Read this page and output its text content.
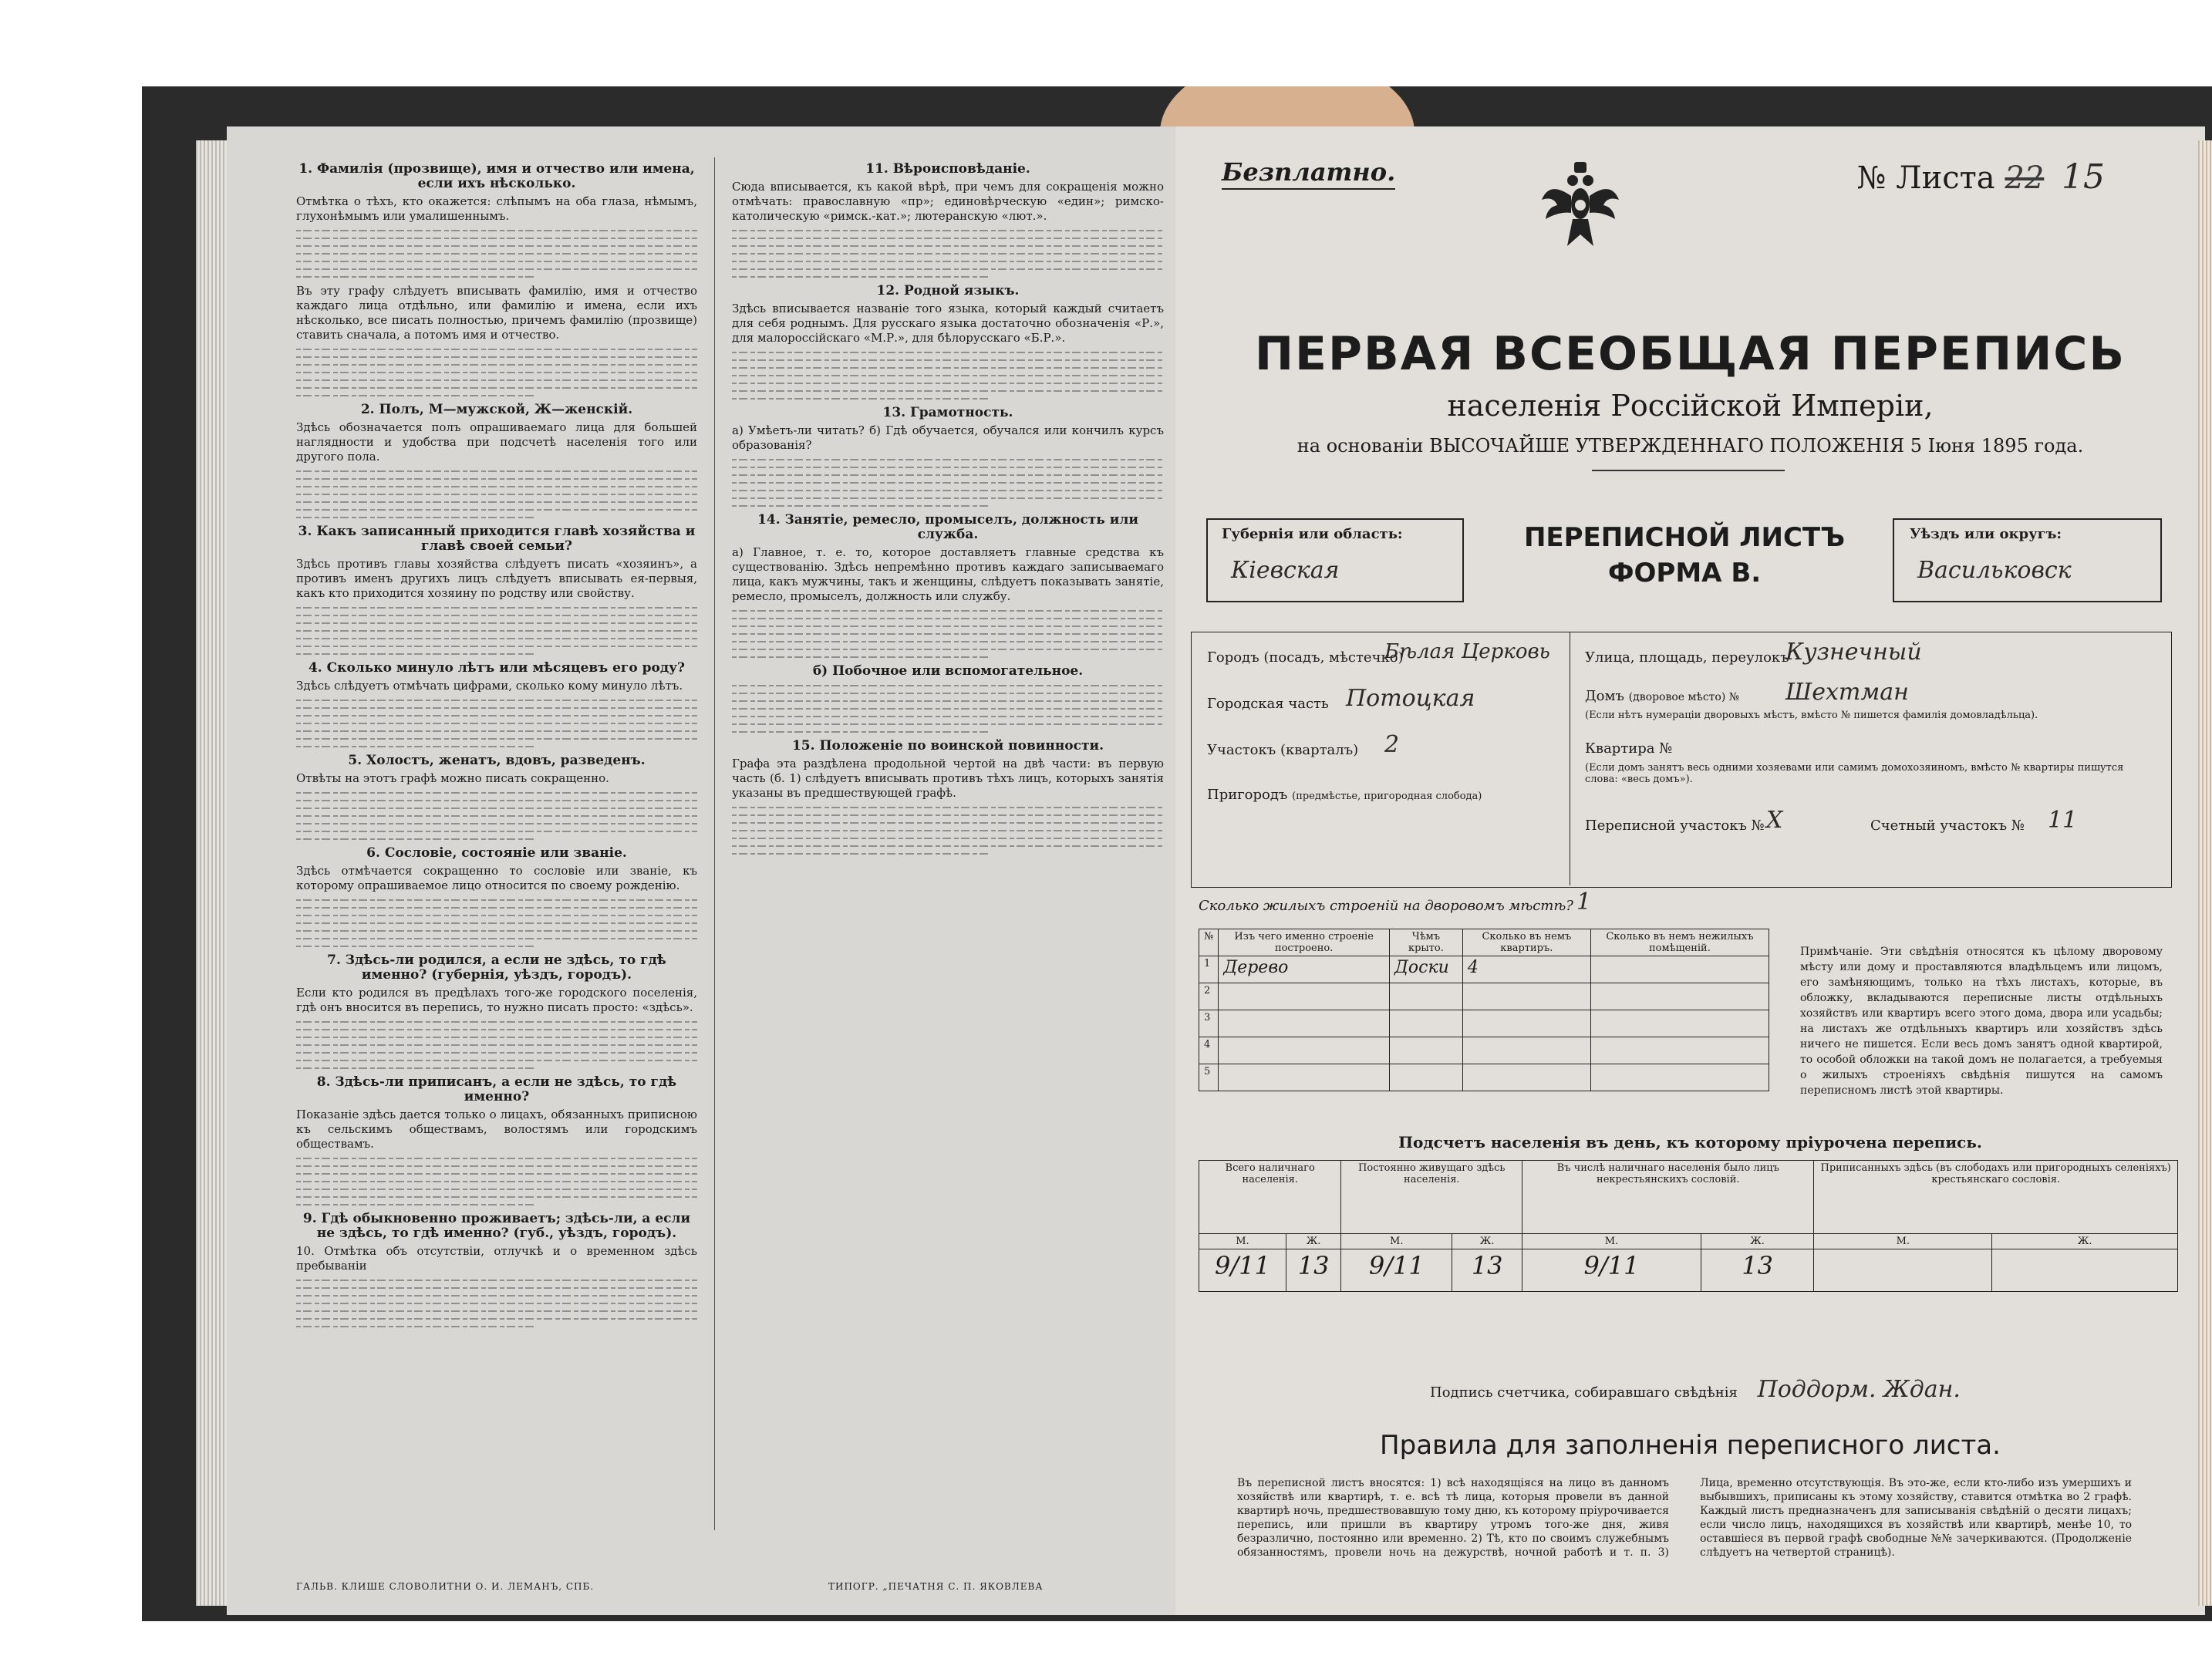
1. Фамилія (прозвище), имя и отчество или имена, если ихъ нѣсколько.

Отмѣтка о тѣхъ, кто окажется: слѣпымъ на оба глаза, нѣмымъ, глухонѣмымъ или умалишеннымъ.

Въ эту графу слѣдуетъ вписывать фамилію, имя и отчество каждаго лица отдѣльно, или фамилію и имена, если ихъ нѣсколько, все писать полностью, причемъ фамилію (прозвище) ставить сначала, а потомъ имя и отчество.

2. Полъ, М—мужской, Ж—женскій.

Здѣсь обозначается полъ опрашиваемаго лица для большей наглядности и удобства при подсчетѣ населенія того или другого пола.

3. Какъ записанный приходится главѣ хозяйства и главѣ своей семьи?

Здѣсь противъ главы хозяйства слѣдуетъ писать «хозяинъ», а противъ именъ другихъ лицъ слѣдуетъ вписывать ея-первыя, какъ кто приходится хозяину по родству или свойству.

4. Сколько минуло лѣтъ или мѣсяцевъ его роду?

Здѣсь слѣдуетъ отмѣчать цифрами, сколько кому минуло лѣтъ.

5. Холостъ, женатъ, вдовъ, разведенъ.

Отвѣты на этотъ графѣ можно писать сокращенно.

6. Сословіе, состояніе или званіе.

Здѣсь отмѣчается сокращенно то сословіе или званіе, къ которому опрашиваемое лицо относится по своему рожденію.

7. Здѣсь-ли родился, а если не здѣсь, то гдѣ именно? (губернія, уѣздъ, городъ).

Если кто родился въ предѣлахъ того-же городского поселенія, гдѣ онъ вносится въ перепись, то нужно писать просто: «здѣсь».

8. Здѣсь-ли приписанъ, а если не здѣсь, то гдѣ именно?

Показаніе здѣсь дается только о лицахъ, обязанныхъ приписною къ сельскимъ обществамъ, волостямъ или городскимъ обществамъ.

9. Гдѣ обыкновенно проживаетъ; здѣсь-ли, а если не здѣсь, то гдѣ именно? (губ., уѣздъ, городъ).

10. Отмѣтка объ отсутствіи, отлучкѣ и о временном здѣсь пребываніи

11. Вѣроисповѣданіе.

Сюда вписывается, къ какой вѣрѣ, при чемъ для сокращенія можно отмѣчать: православную «пр»; единовѣрческую «един»; римско-католическую «римск.-кат.»; лютеранскую «лют.».

12. Родной языкъ.

Здѣсь вписывается названіе того языка, который каждый считаетъ для себя роднымъ. Для русскаго языка достаточно обозначенія «Р.», для малороссійскаго «М.Р.», для бѣлорусскаго «Б.Р.».

13. Грамотность.

а) Умѣетъ-ли читать? б) Гдѣ обучается, обучался или кончилъ курсъ образованія?

14. Занятіе, ремесло, промыселъ, должность или служба.

а) Главное, т. е. то, которое доставляетъ главные средства къ существованію. Здѣсь непремѣнно противъ каждаго записываемаго лица, какъ мужчины, такъ и женщины, слѣдуетъ показывать занятіе, ремесло, промыселъ, должность или службу.

б) Побочное или вспомогательное.
15. Положеніе по воинской повинности.

Графа эта раздѣлена продольной чертой на двѣ части: въ первую часть (б. 1) слѣдуетъ вписывать противъ тѣхъ лицъ, которыхъ занятія указаны въ предшествующей графѣ.

ГАЛЬВ. КЛИШЕ СЛОВОЛИТНИ О. И. ЛЕМАНЪ, СПБ.	ТИПОГР. „ПЕЧАТНЯ С. П. ЯКОВЛЕВА
Безплатно.	№ Листа 22 15
ПЕРВАЯ ВСЕОБЩАЯ ПЕРЕПИСЬ
населенія Россійской Имперіи,
на основаніи ВЫСОЧАЙШЕ УТВЕРЖДЕННАГО ПОЛОЖЕНІЯ 5 Іюня 1895 года.
Губернія или область:
Кіевская
ПЕРЕПИСНОЙ ЛИСТЪ
ФОРМА В.
Уѣздъ или округъ:
Васильковск
Городъ (посадъ, мѣстечко)
Бѣлая Церковь
Городская часть Потоцкая
Участокъ (кварталъ) 2
Пригородъ (предмѣстье, пригородная слобода)
Улица, площадь, переулокъ
Кузнечный
Домъ (дворовое мѣсто) № Шехтман
(Если нѣтъ нумераціи дворовыхъ мѣстъ, вмѣсто № пишется фамилія домовладѣльца).
Квартира №
(Если домъ занятъ весь одними хозяевами или самимъ домохозяиномъ, вмѣсто № квартиры пишутся слова: «весь домъ»).
Переписной участокъ № Х	Счетный участокъ № 11
Сколько жилыхъ строеній на дворовомъ мѣстѣ? 1
№	Изъ чего именно строеніе построено.	Чѣмъ крыто.	Сколько въ немъ квартиръ.	Сколько въ немъ нежилыхъ помѣщеній.
1	Дерево	Доски	4	
2				
3				
4				
5				
Примѣчаніе. Эти свѣдѣнія относятся къ цѣлому дворовому мѣсту или дому и проставляются владѣльцемъ или лицомъ, его замѣняющимъ, только на тѣхъ листахъ, которые, въ обложку, вкладываются переписные листы отдѣльныхъ хозяйствъ или квартиръ всего этого дома, двора или усадьбы; на листахъ же отдѣльныхъ квартиръ или хозяйствъ здѣсь ничего не пишется. Если весь домъ занятъ одной квартирой, то особой обложки на такой домъ не полагается, а требуемыя о жилыхъ строеніяхъ свѣдѣнія пишутся на самомъ переписномъ листѣ этой квартиры.
Подсчетъ населенія въ день, къ которому пріурочена перепись.
Всего наличнаго населенія.		Постоянно живущаго здѣсь населенія.		Въ числѣ наличнаго населенія было лицъ некрестьянскихъ сословій.		Приписанныхъ здѣсь (въ слободахъ или пригородныхъ селеніяхъ) крестьянскаго сословія.	
М.	Ж.	М.	Ж.	М.	Ж.	М.	Ж.
9/11	13	9/11	13	9/11	13		
Подпись счетчика, собиравшаго свѣдѣнія Поддорм. Ждан.
Правила для заполненія переписного листа.
Въ переписной листъ вносятся: 1) всѣ находящіяся на лицо въ данномъ хозяйствѣ или квартирѣ, т. е. всѣ тѣ лица, которыя провели въ данной квартирѣ ночь, предшествовавшую тому дню, къ которому пріурочивается перепись, или пришли въ квартиру утромъ того-же дня, живя безразлично, постоянно или временно. 2) Тѣ, кто по своимъ служебнымъ обязанностямъ, провели ночь на дежурствѣ, ночной работѣ и т. п. 3) Лица, временно отсутствующія. Въ это-же, если кто-либо изъ умершихъ и выбывшихъ, приписаны къ этому хозяйству, ставится отмѣтка во 2 графѣ. Каждый листъ предназначенъ для записыванія свѣдѣній о десяти лицахъ; если число лицъ, находящихся въ хозяйствѣ или квартирѣ, менѣе 10, то оставшіеся въ первой графѣ свободные №№ зачеркиваются. (Продолженіе слѣдуетъ на четвертой страницѣ).
